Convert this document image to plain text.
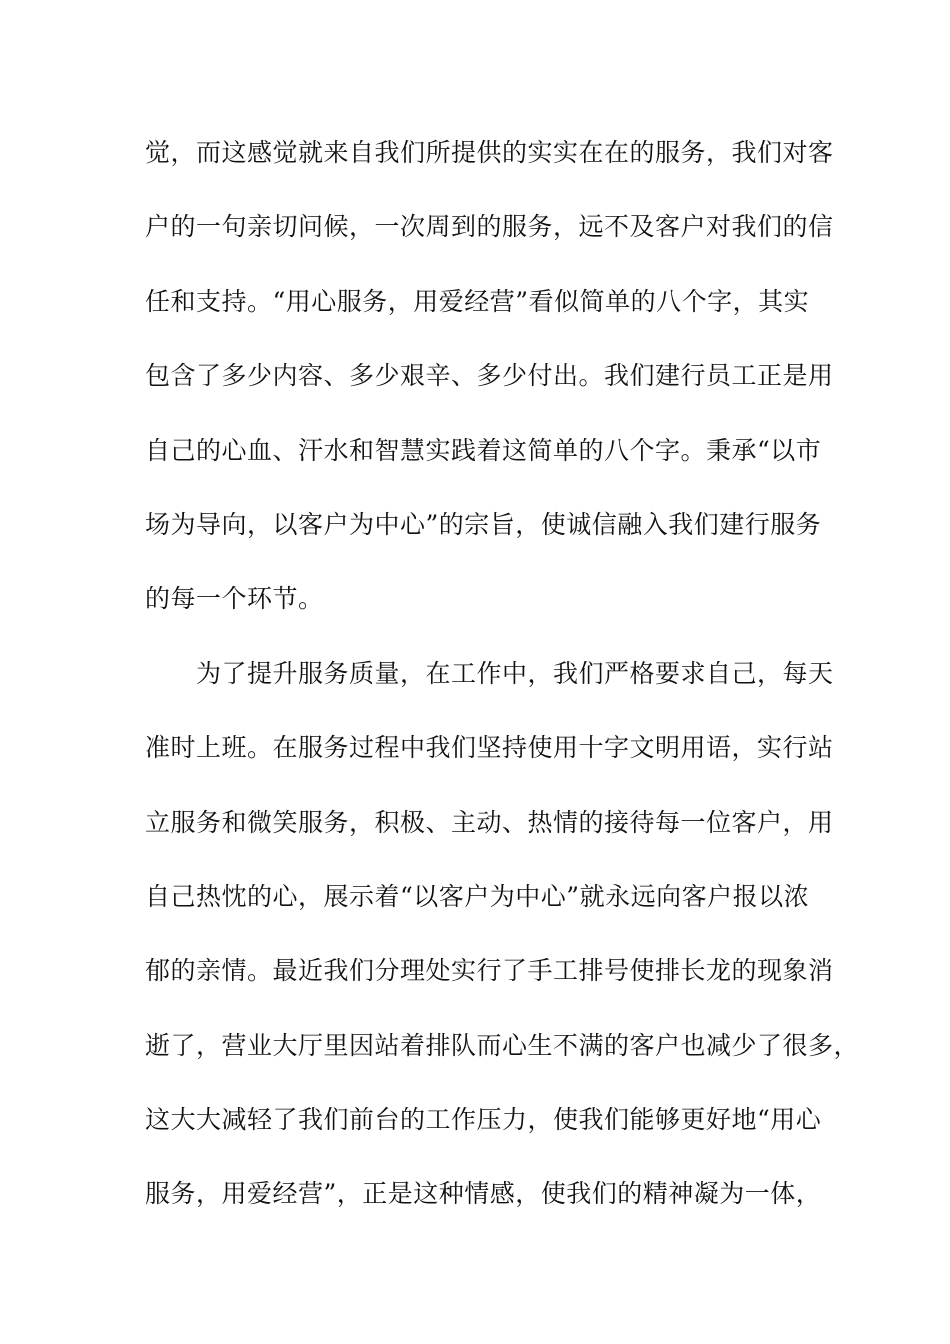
觉，而这感觉就来自我们所提供的实实在在的服务，我们对客
户的一句亲切问候，一次周到的服务，远不及客户对我们的信
任和支持。“用心服务，用爱经营”看似简单的八个字，其实
包含了多少内容、多少艰辛、多少付出。我们建行员工正是用
自己的心血、汗水和智慧实践着这简单的八个字。秉承“以市
场为导向，以客户为中心”的宗旨，使诚信融入我们建行服务
的每一个环节。
　　为了提升服务质量，在工作中，我们严格要求自己，每天
准时上班。在服务过程中我们坚持使用十字文明用语，实行站
立服务和微笑服务，积极、主动、热情的接待每一位客户，用
自己热忱的心，展示着“以客户为中心”就永远向客户报以浓
郁的亲情。最近我们分理处实行了手工排号使排长龙的现象消
逝了，营业大厅里因站着排队而心生不满的客户也减少了很多，
这大大减轻了我们前台的工作压力，使我们能够更好地“用心
服务，用爱经营”，正是这种情感，使我们的精神凝为一体，
